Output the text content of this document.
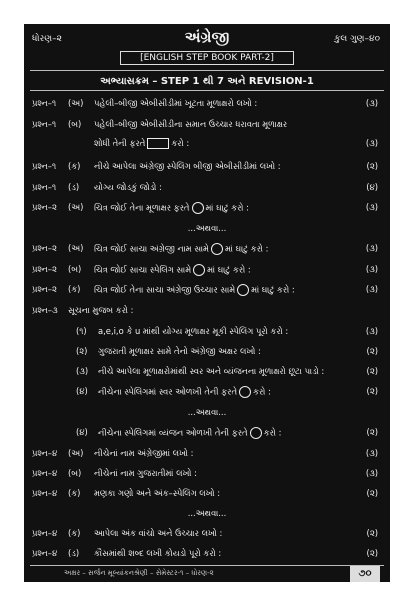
ધોરણ–૨	અંગ્રેજી
[ENGLISH STEP BOOK PART-2]
કુલ ગુણ–૪૦
અભ્યાસક્રમ – STEP 1 થી 7 અને REVISION-1
પ્રશ્ન–૧ (અ) પહેલી–બીજી એબીસીડીમાં ખૂટતા મૂળાક્ષરો લખો :	(૩)
પ્રશ્ન–૧ (બ) પહેલી–બીજી એબીસીડીના સમાન ઉચ્ચાર ધરાવતા મૂળાક્ષર
શોધી તેની ફરતે	કરો :	(૩)
પ્રશ્ન–૧ (ક) નીચે આપેલા અંગ્રેજી સ્પેલિંગ બીજી એબીસીડીમાં લખો :	(૨)
પ્રશ્ન–૧ (ડ) યોગ્ય જોડકું જોડો :	(૪)
પ્રશ્ન–૨ (અ) ચિત્ર જોઈ તેના મૂળાક્ષર ફરતે માં ઘાટું કરો :	(૩)
...અથવા...
પ્રશ્ન–૨ (અ) ચિત્ર જોઈ સાચા અંગ્રેજી નામ સામે માં ઘાટું કરો :	(૩)
પ્રશ્ન–૨ (બ) ચિત્ર જોઈ સાચા સ્પેલિંગ સામે માં ઘાટું કરો :	(૩)
પ્રશ્ન–૨ (ક) ચિત્ર જોઈ તેના સાચા અંગ્રેજી ઉચ્ચાર સામે માં ઘાટું કરો :	(૩)
પ્રશ્ન–૩ સૂચના મુજબ કરો :
(૧) a,e,i,o કે u માંથી યોગ્ય મૂળાક્ષર મૂકી સ્પેલિંગ પૂરો કરો :	(૩)
(૨) ગુજરાતી મૂળાક્ષર સામે તેનો અંગ્રેજી અક્ષર લખો :	(૨)
(૩) નીચે આપેલા મૂળાક્ષરોમાંથી સ્વર અને વ્યંજનના મૂળાક્ષરો છૂટા પાડો :	(૨)
(૪) નીચેના સ્પેલિંગમાં સ્વર ઓળખી તેની ફરતે કરો :	(૨)
...અથવા...
(૪) નીચેના સ્પેલિંગમાં વ્યંજન ઓળખી તેની ફરતે કરો :	(૨)
પ્રશ્ન–૪ (અ) નીચેનાં નામ અંગ્રેજીમાં લખો :	(૩)
પ્રશ્ન–૪ (બ) નીચેનાં નામ ગુજરાતીમાં લખો :	(૩)
પ્રશ્ન–૪ (ક) મણકા ગણો અને અંક–સ્પેલિંગ લખો :	(૨)
...અથવા...
પ્રશ્ન–૪ (ક) આપેલા અંક વાંચો અને ઉચ્ચાર લખો :	(૨)
પ્રશ્ન–૪ (ડ) કૌંસમાંથી શબ્દ લખી કોયડો પૂરો કરો :	(૨)
અક્ષર – સર્જન મૂલ્યાંકનશ્રેણી – સેમેસ્ટર-૧ – ધોરણ-૨	૭૦
